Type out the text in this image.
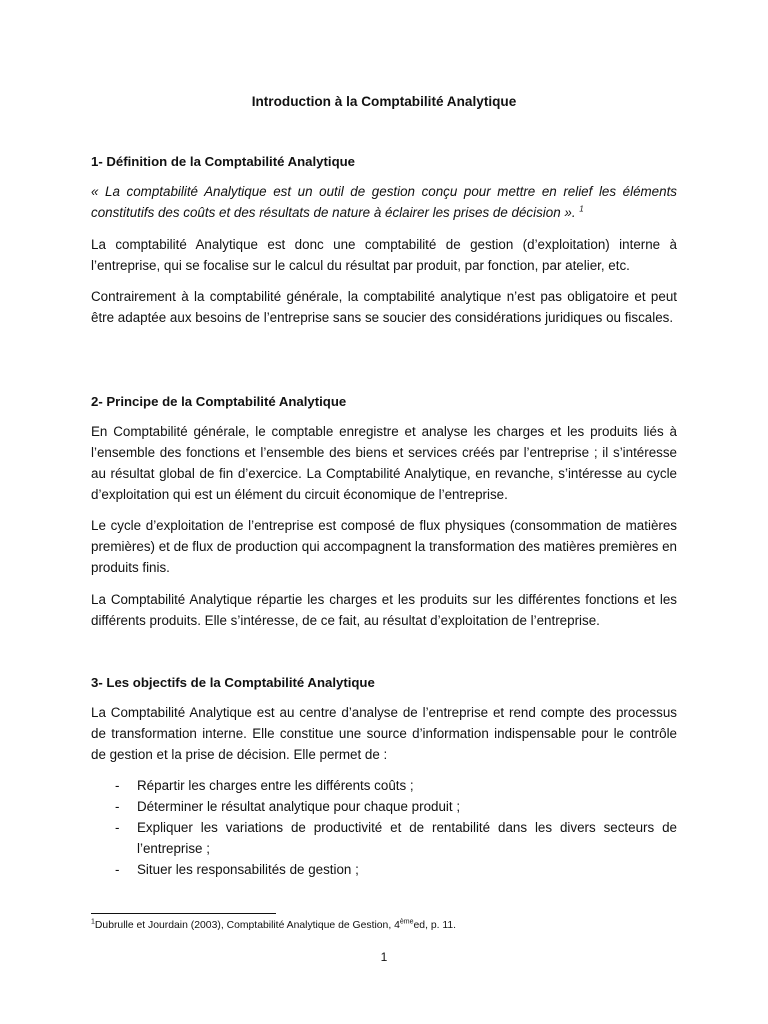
Introduction à la Comptabilité Analytique
1- Définition de la Comptabilité Analytique

« La comptabilité Analytique est un outil de gestion conçu pour mettre en relief les éléments constitutifs des coûts et des résultats de nature à éclairer les prises de décision ». $^1$

La comptabilité Analytique est donc une comptabilité de gestion (d’exploitation) interne à l’entreprise, qui se focalise sur le calcul du résultat par produit, par fonction, par atelier, etc.

Contrairement à la comptabilité générale, la comptabilité analytique n’est pas obligatoire et peut être adaptée aux besoins de l’entreprise sans se soucier des considérations juridiques ou fiscales.

2- Principe de la Comptabilité Analytique

En Comptabilité générale, le comptable enregistre et analyse les charges et les produits liés à l’ensemble des fonctions et l’ensemble des biens et services créés par l’entreprise ; il s’intéresse au résultat global de fin d’exercice. La Comptabilité Analytique, en revanche, s’intéresse au cycle d’exploitation qui est un élément du circuit économique de l’entreprise.

Le cycle d’exploitation de l’entreprise est composé de flux physiques (consommation de matières premières) et de flux de production qui accompagnent la transformation des matières premières en produits finis.

La Comptabilité Analytique répartie les charges et les produits sur les différentes fonctions et les différents produits. Elle s’intéresse, de ce fait, au résultat d’exploitation de l’entreprise.

3- Les objectifs de la Comptabilité Analytique

La Comptabilité Analytique est au centre d’analyse de l’entreprise et rend compte des processus de transformation interne. Elle constitue une source d’information indispensable pour le contrôle de gestion et la prise de décision. Elle permet de :

- Répartir les charges entre les différents coûts ;
- Déterminer le résultat analytique pour chaque produit ;
- Expliquer les variations de productivité et de rentabilité dans les divers secteurs de l’entreprise ;
- Situer les responsabilités de gestion ;

$^1$Dubrulle et Jourdain (2003), Comptabilité Analytique de Gestion, 4èmeed, p. 11.

1
